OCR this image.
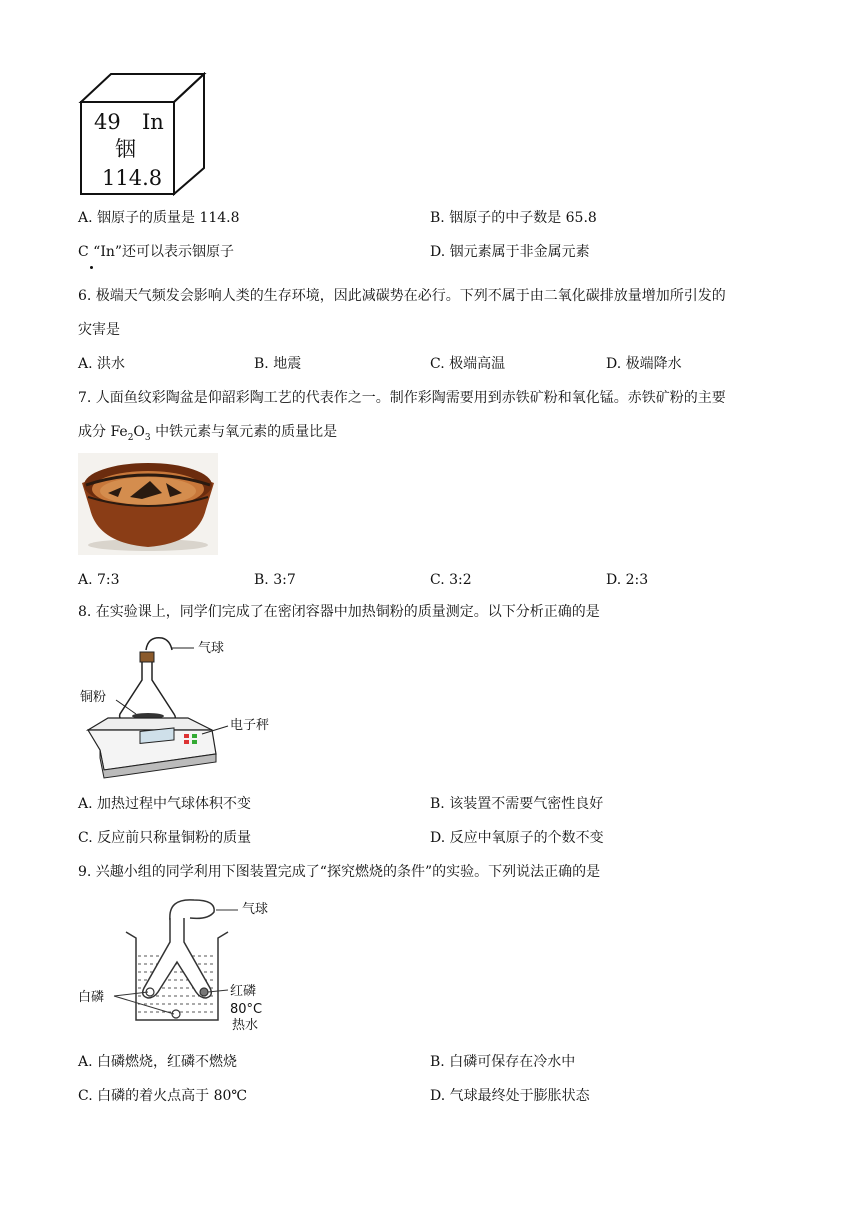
49 In
铟
114.8
A. 铟原子的质量是 114.8	B. 铟原子的中子数是 65.8
C “In”还可以表示铟原子	D. 铟元素属于非金属元素
6. 极端天气频发会影响人类的生存环境，因此减碳势在必行。下列不属于由二氧化碳排放量增加所引发的
灾害是
A. 洪水	B. 地震	C. 极端高温	D. 极端降水
7. 人面鱼纹彩陶盆是仰韶彩陶工艺的代表作之一。制作彩陶需要用到赤铁矿粉和氧化锰。赤铁矿粉的主要
成分 $Fe_2O_3$ 中铁元素与氧元素的质量比是
A. 7:3	B. 3:7	C. 3:2	D. 2:3
8. 在实验课上，同学们完成了在密闭容器中加热铜粉的质量测定。以下分析正确的是
气球
铜粉
电子秤
A. 加热过程中气球体积不变	B. 该装置不需要气密性良好
C. 反应前只称量铜粉的质量	D. 反应中氧原子的个数不变
9. 兴趣小组的同学利用下图装置完成了“探究燃烧的条件”的实验。下列说法正确的是
气球
白磷	红磷
80°C
热水
A. 白磷燃烧，红磷不燃烧	B. 白磷可保存在冷水中
C. 白磷的着火点高于 80℃	D. 气球最终处于膨胀状态
